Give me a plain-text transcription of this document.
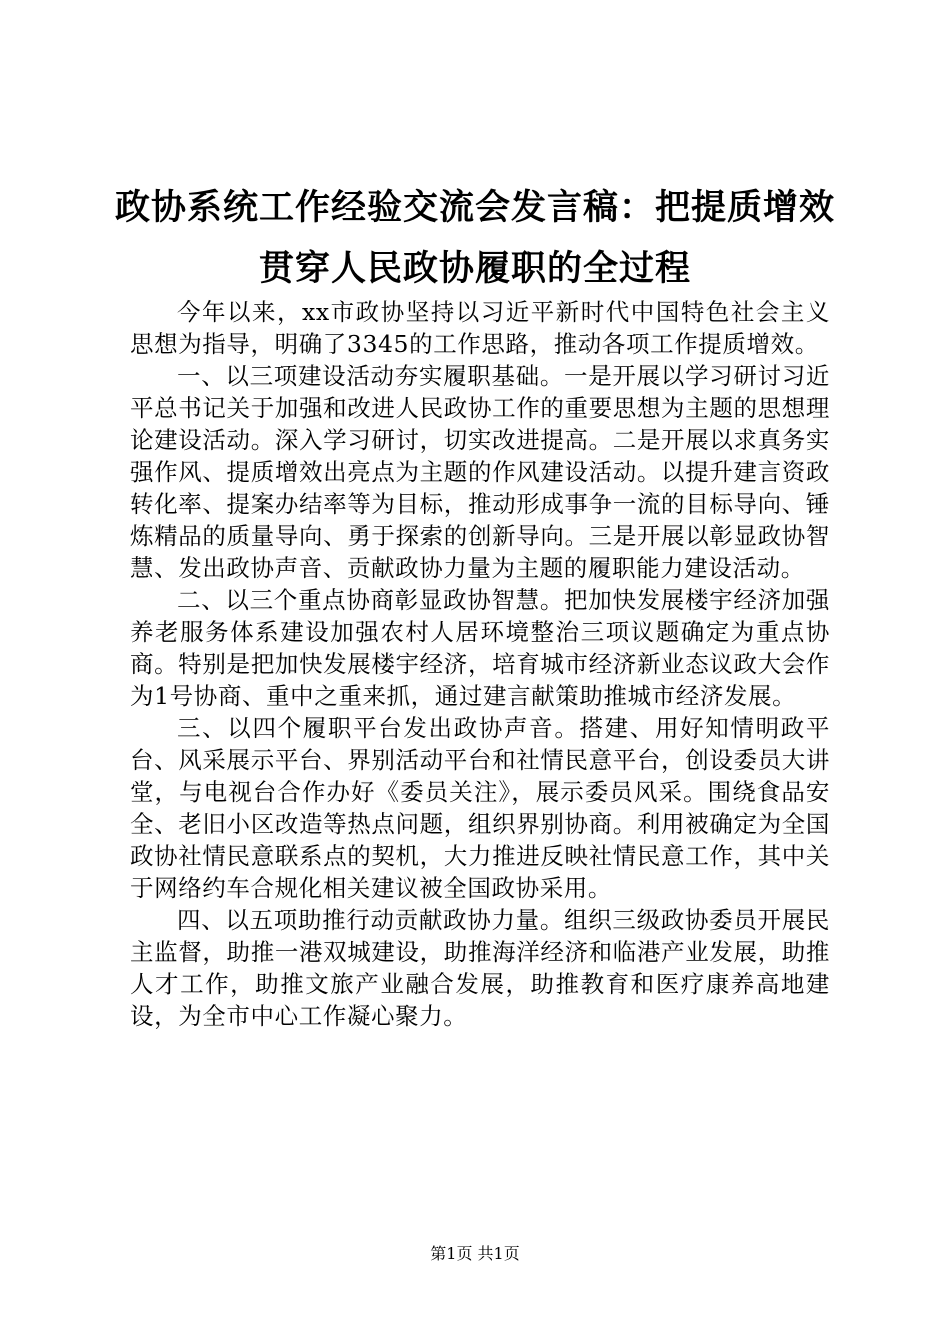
政协系统工作经验交流会发言稿：把提质增效
贯穿人民政协履职的全过程

今年以来，xx市政协坚持以习近平新时代中国特色社会主义思想为指导，明确了3345的工作思路，推动各项工作提质增效。

一、以三项建设活动夯实履职基础。一是开展以学习研讨习近平总书记关于加强和改进人民政协工作的重要思想为主题的思想理论建设活动。深入学习研讨，切实改进提高。二是开展以求真务实强作风、提质增效出亮点为主题的作风建设活动。以提升建言资政转化率、提案办结率等为目标，推动形成事争一流的目标导向、锤炼精品的质量导向、勇于探索的创新导向。三是开展以彰显政协智慧、发出政协声音、贡献政协力量为主题的履职能力建设活动。

二、以三个重点协商彰显政协智慧。把加快发展楼宇经济加强养老服务体系建设加强农村人居环境整治三项议题确定为重点协商。特别是把加快发展楼宇经济，培育城市经济新业态议政大会作为1号协商、重中之重来抓，通过建言献策助推城市经济发展。

三、以四个履职平台发出政协声音。搭建、用好知情明政平台、风采展示平台、界别活动平台和社情民意平台，创设委员大讲堂，与电视台合作办好《委员关注》，展示委员风采。围绕食品安全、老旧小区改造等热点问题，组织界别协商。利用被确定为全国政协社情民意联系点的契机，大力推进反映社情民意工作，其中关于网络约车合规化相关建议被全国政协采用。

四、以五项助推行动贡献政协力量。组织三级政协委员开展民主监督，助推一港双城建设，助推海洋经济和临港产业发展，助推人才工作，助推文旅产业融合发展，助推教育和医疗康养高地建设，为全市中心工作凝心聚力。

第1页 共1页
